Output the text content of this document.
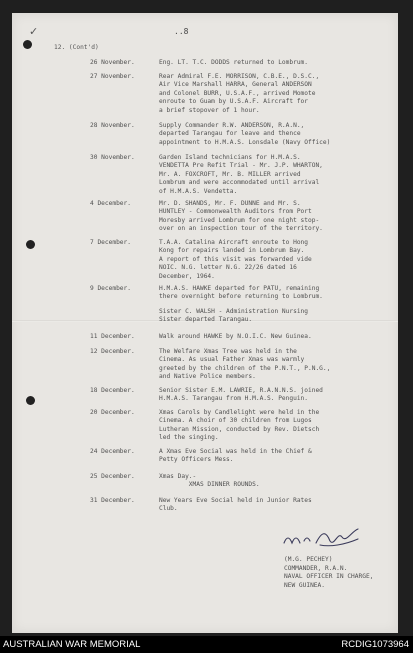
✓	..8
12. (Cont'd)
26 November.	Eng. LT. T.C. DODDS returned to Lombrum.
27 November.	Rear Admiral F.E. MORRISON, C.B.E., D.S.C.,
Air Vice Marshall HARRA, General ANDERSON
and Colonel BURR, U.S.A.F., arrived Momote
enroute to Guam by U.S.A.F. Aircraft for
a brief stopover of 1 hour.
28 November.	Supply Commander R.W. ANDERSON, R.A.N.,
departed Tarangau for leave and thence
appointment to H.M.A.S. Lonsdale (Navy Office)
30 November.	Garden Island technicians for H.M.A.S.
VENDETTA Pre Refit Trial - Mr. J.P. WHARTON,
Mr. A. FOXCROFT, Mr. B. MILLER arrived
Lombrum and were accommodated until arrival
of H.M.A.S. Vendetta.
4 December.	Mr. D. SHANDS, Mr. F. DUNNE and Mr. S.
HUNTLEY - Commonwealth Auditors from Port
Moresby arrived Lombrum for one night stop-
over on an inspection tour of the territory.
7 December.	T.A.A. Catalina Aircraft enroute to Hong
Kong for repairs landed in Lombrum Bay.
A report of this visit was forwarded vide
NOIC. N.G. letter N.G. 22/26 dated 16
December, 1964.
9 December.	H.M.A.S. HAWKE departed for PATU, remaining
there overnight before returning to Lombrum.
Sister C. WALSH - Administration Nursing
Sister departed Tarangau.
11 December.	Walk around HAWKE by N.O.I.C. New Guinea.
12 December.	The Welfare Xmas Tree was held in the
Cinema. As usual Father Xmas was warmly
greeted by the children of the P.N.T., P.N.G.,
and Native Police members.
18 December.	Senior Sister E.M. LAWRIE, R.A.N.N.S. joined
H.M.A.S. Tarangau from H.M.A.S. Penguin.
20 December.	Xmas Carols by Candlelight were held in the
Cinema. A choir of 30 children from Lugos
Lutheran Mission, conducted by Rev. Dietsch
led the singing.
24 December.	A Xmas Eve Social was held in the Chief &
Petty Officers Mess.
25 December.	Xmas Day.-
XMAS DINNER ROUNDS.
31 December.	New Years Eve Social held in Junior Rates
Club.
(M.G. PECHEY)
COMMANDER, R.A.N.
NAVAL OFFICER IN CHARGE,
NEW GUINEA.
AUSTRALIAN WAR MEMORIAL	RCDIG1073964
